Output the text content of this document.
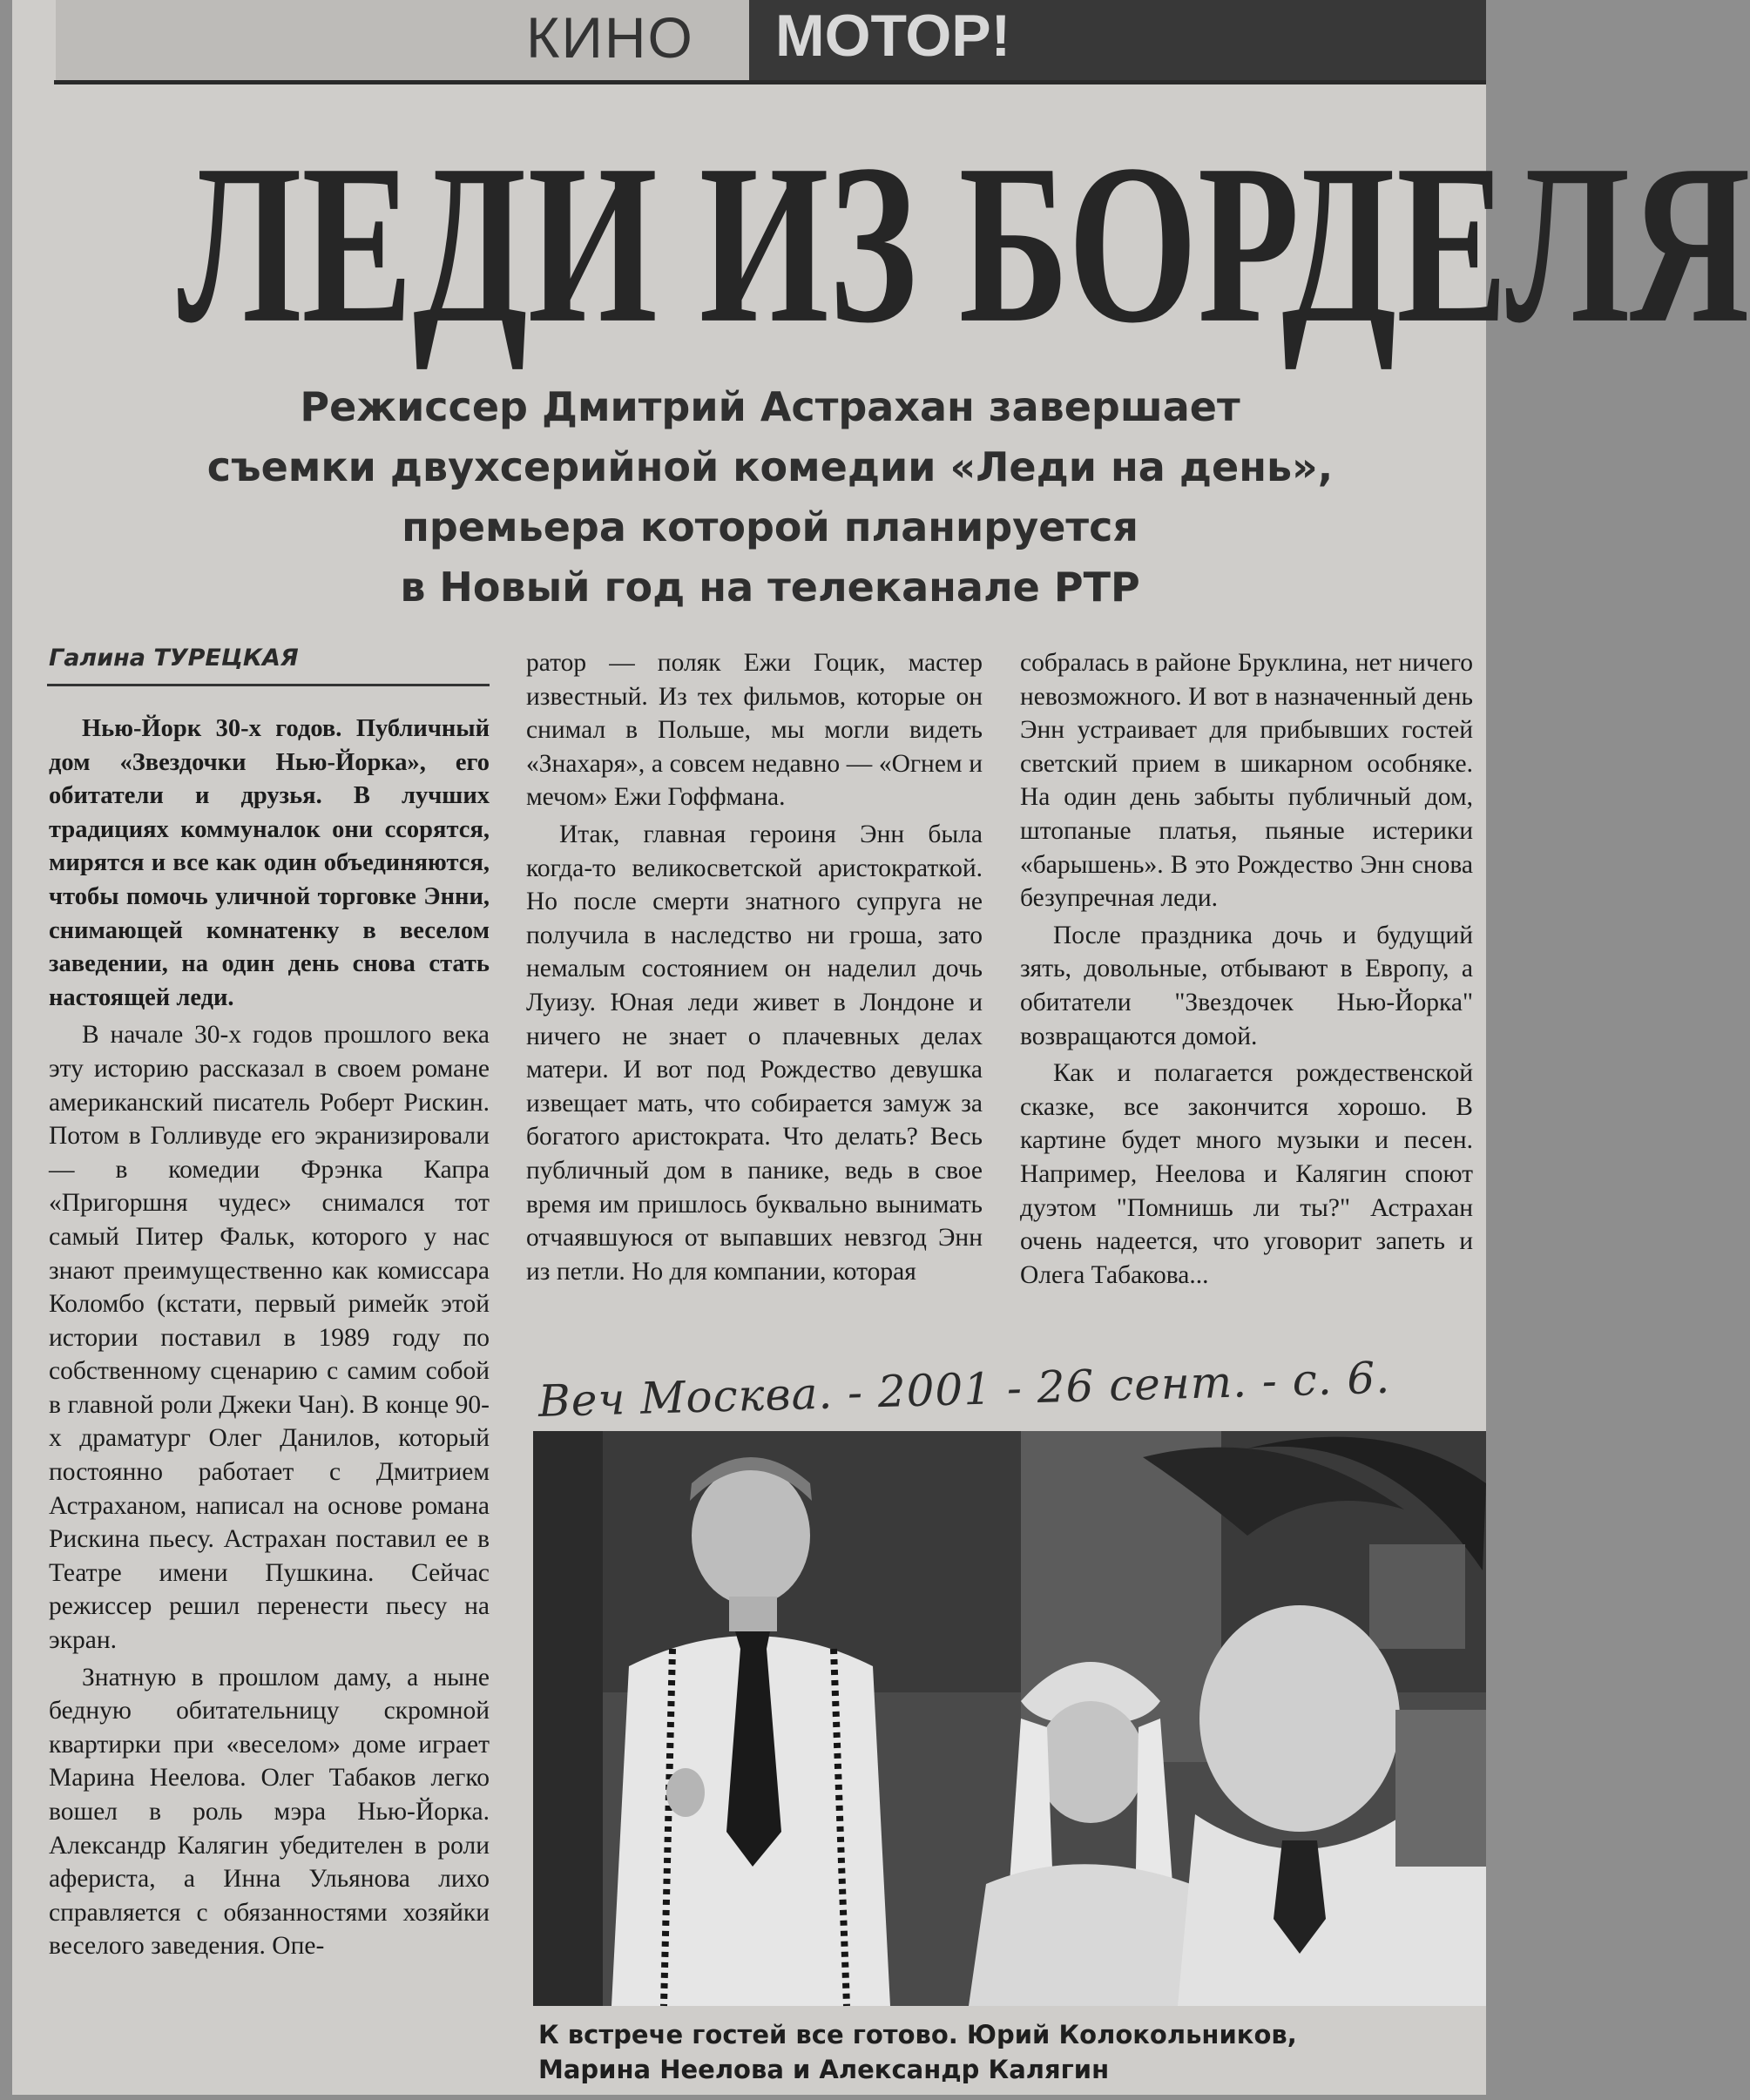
КИНО МОТОР!
ЛЕДИ ИЗ БОРДЕЛЯ
Режиссер Дмитрий Астрахан завершает
съемки двухсерийной комедии «Леди на день»,
премьера которой планируется
в Новый год на телеканале РТР
Галина ТУРЕЦКАЯ

Нью-Йорк 30-х годов. Публичный дом «Звездочки Нью-Йорка», его обитатели и друзья. В лучших традициях коммуналок они ссорятся, мирятся и все как один объединяются, чтобы помочь уличной торговке Энни, снимающей комнатенку в веселом заведении, на один день снова стать настоящей леди.

В начале 30-х годов прошлого века эту историю рассказал в своем романе американский писатель Роберт Рискин. Потом в Голливуде его экранизировали — в комедии Фрэнка Капра «Пригоршня чудес» снимался тот самый Питер Фальк, которого у нас знают преимущественно как комиссара Коломбо (кстати, первый римейк этой истории поставил в 1989 году по собственному сценарию с самим собой в главной роли Джеки Чан). В конце 90-х драматург Олег Данилов, который постоянно работает с Дмитрием Астраханом, написал на основе романа Рискина пьесу. Астрахан поставил ее в Театре имени Пушкина. Сейчас режиссер решил перенести пьесу на экран.

Знатную в прошлом даму, а ныне бедную обитательницу скромной квартирки при «веселом» доме играет Марина Неелова. Олег Табаков легко вошел в роль мэра Нью-Йорка. Александр Калягин убедителен в роли афериста, а Инна Ульянова лихо справляется с обязанностями хозяйки веселого заведения. Опе-

ратор — поляк Ежи Гоцик, мастер известный. Из тех фильмов, которые он снимал в Польше, мы могли видеть «Знахаря», а совсем недавно — «Огнем и мечом» Ежи Гоффмана.

Итак, главная героиня Энн была когда-то великосветской аристократкой. Но после смерти знатного супруга не получила в наследство ни гроша, зато немалым состоянием он наделил дочь Луизу. Юная леди живет в Лондоне и ничего не знает о плачевных делах матери. И вот под Рождество девушка извещает мать, что собирается замуж за богатого аристократа. Что делать? Весь публичный дом в панике, ведь в свое время им пришлось буквально вынимать отчаявшуюся от выпавших невзгод Энн из петли. Но для компании, которая

собралась в районе Бруклина, нет ничего невозможного. И вот в назначенный день Энн устраивает для прибывших гостей светский прием в шикарном особняке. На один день забыты публичный дом, штопаные платья, пьяные истерики «барышень». В это Рождество Энн снова безупречная леди.

После праздника дочь и будущий зять, довольные, отбывают в Европу, а обитатели "Звездочек Нью-Йорка" возвращаются домой.

Как и полагается рождественской сказке, все закончится хорошо. В картине будет много музыки и песен. Например, Неелова и Калягин споют дуэтом "Помнишь ли ты?" Астрахан очень надеется, что уговорит запеть и Олега Табакова...

Веч Москва. - 2001 - 26 сент. - с. 6.
К встрече гостей все готово. Юрий Колокольников,
Марина Неелова и Александр Калягин
